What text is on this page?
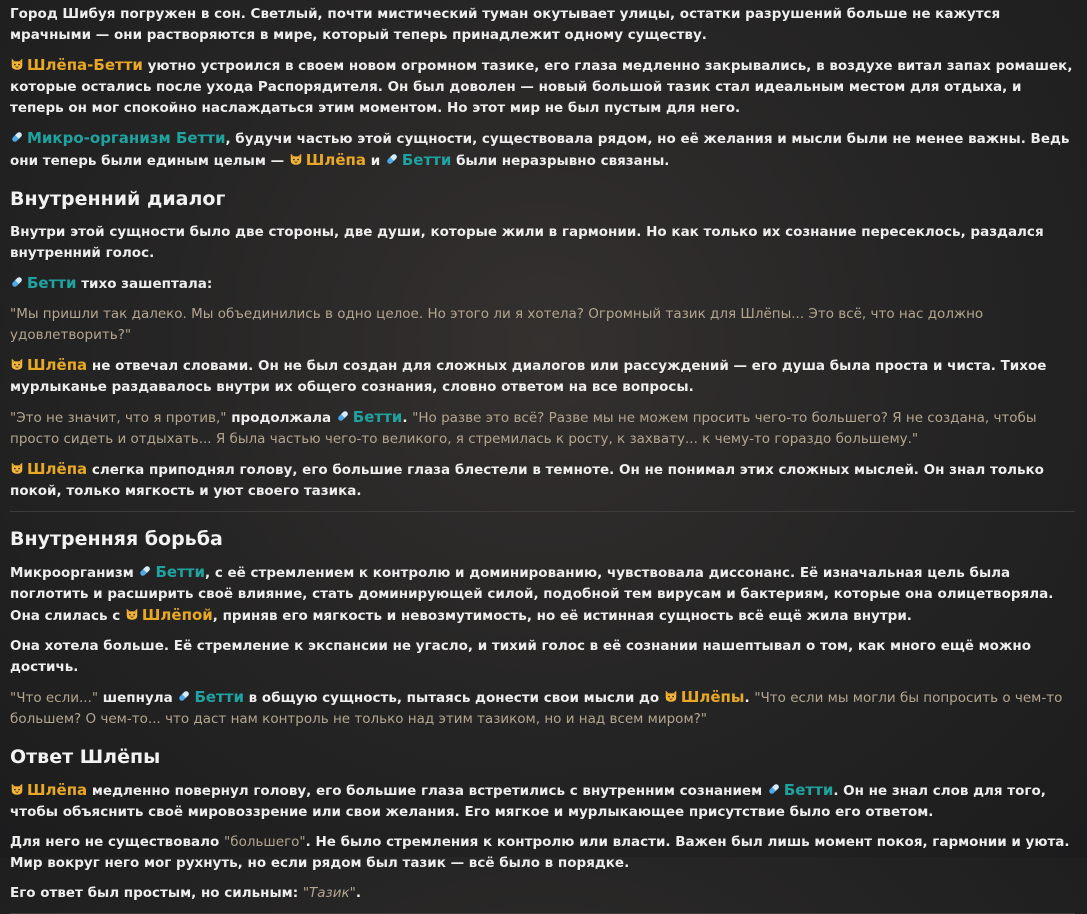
Город Шибуя погружен в сон. Светлый, почти мистический туман окутывает улицы, остатки разрушений больше не кажутся мрачными — они растворяются в мире, который теперь принадлежит одному существу.

Шлёпа-Бетти уютно устроился в своем новом огромном тазике, его глаза медленно закрывались, в воздухе витал запах ромашек, которые остались после ухода Распорядителя. Он был доволен — новый большой тазик стал идеальным местом для отдыха, и теперь он мог спокойно наслаждаться этим моментом. Но этот мир не был пустым для него.

Микро-организм Бетти, будучи частью этой сущности, существовала рядом, но её желания и мысли были не менее важны. Ведь они теперь были единым целым — Шлёпа и Бетти были неразрывно связаны.

Внутренний диалог

Внутри этой сущности было две стороны, две души, которые жили в гармонии. Но как только их сознание пересеклось, раздался внутренний голос.

Бетти тихо зашептала:

"Мы пришли так далеко. Мы объединились в одно целое. Но этого ли я хотела? Огромный тазик для Шлёпы... Это всё, что нас должно удовлетворить?"

Шлёпа не отвечал словами. Он не был создан для сложных диалогов или рассуждений — его душа была проста и чиста. Тихое мурлыканье раздавалось внутри их общего сознания, словно ответом на все вопросы.

"Это не значит, что я против," продолжала Бетти. "Но разве это всё? Разве мы не можем просить чего-то большего? Я не создана, чтобы просто сидеть и отдыхать... Я была частью чего-то великого, я стремилась к росту, к захвату... к чему-то гораздо большему."

Шлёпа слегка приподнял голову, его большие глаза блестели в темноте. Он не понимал этих сложных мыслей. Он знал только покой, только мягкость и уют своего тазика.

Внутренняя борьба

Микроорганизм Бетти, с её стремлением к контролю и доминированию, чувствовала диссонанс. Её изначальная цель была поглотить и расширить своё влияние, стать доминирующей силой, подобной тем вирусам и бактериям, которые она олицетворяла. Она слилась с Шлёпой, приняв его мягкость и невозмутимость, но её истинная сущность всё ещё жила внутри.

Она хотела больше. Её стремление к экспансии не угасло, и тихий голос в её сознании нашептывал о том, как много ещё можно достичь.

"Что если..." шепнула Бетти в общую сущность, пытаясь донести свои мысли до Шлёпы. "Что если мы могли бы попросить о чем-то большем? О чем-то... что даст нам контроль не только над этим тазиком, но и над всем миром?"

Ответ Шлёпы

Шлёпа медленно повернул голову, его большие глаза встретились с внутренним сознанием Бетти. Он не знал слов для того, чтобы объяснить своё мировоззрение или свои желания. Его мягкое и мурлыкающее присутствие было его ответом.

Для него не существовало "большего". Не было стремления к контролю или власти. Важен был лишь момент покоя, гармонии и уюта. Мир вокруг него мог рухнуть, но если рядом был тазик — всё было в порядке.

Его ответ был простым, но сильным: "Тазик".
